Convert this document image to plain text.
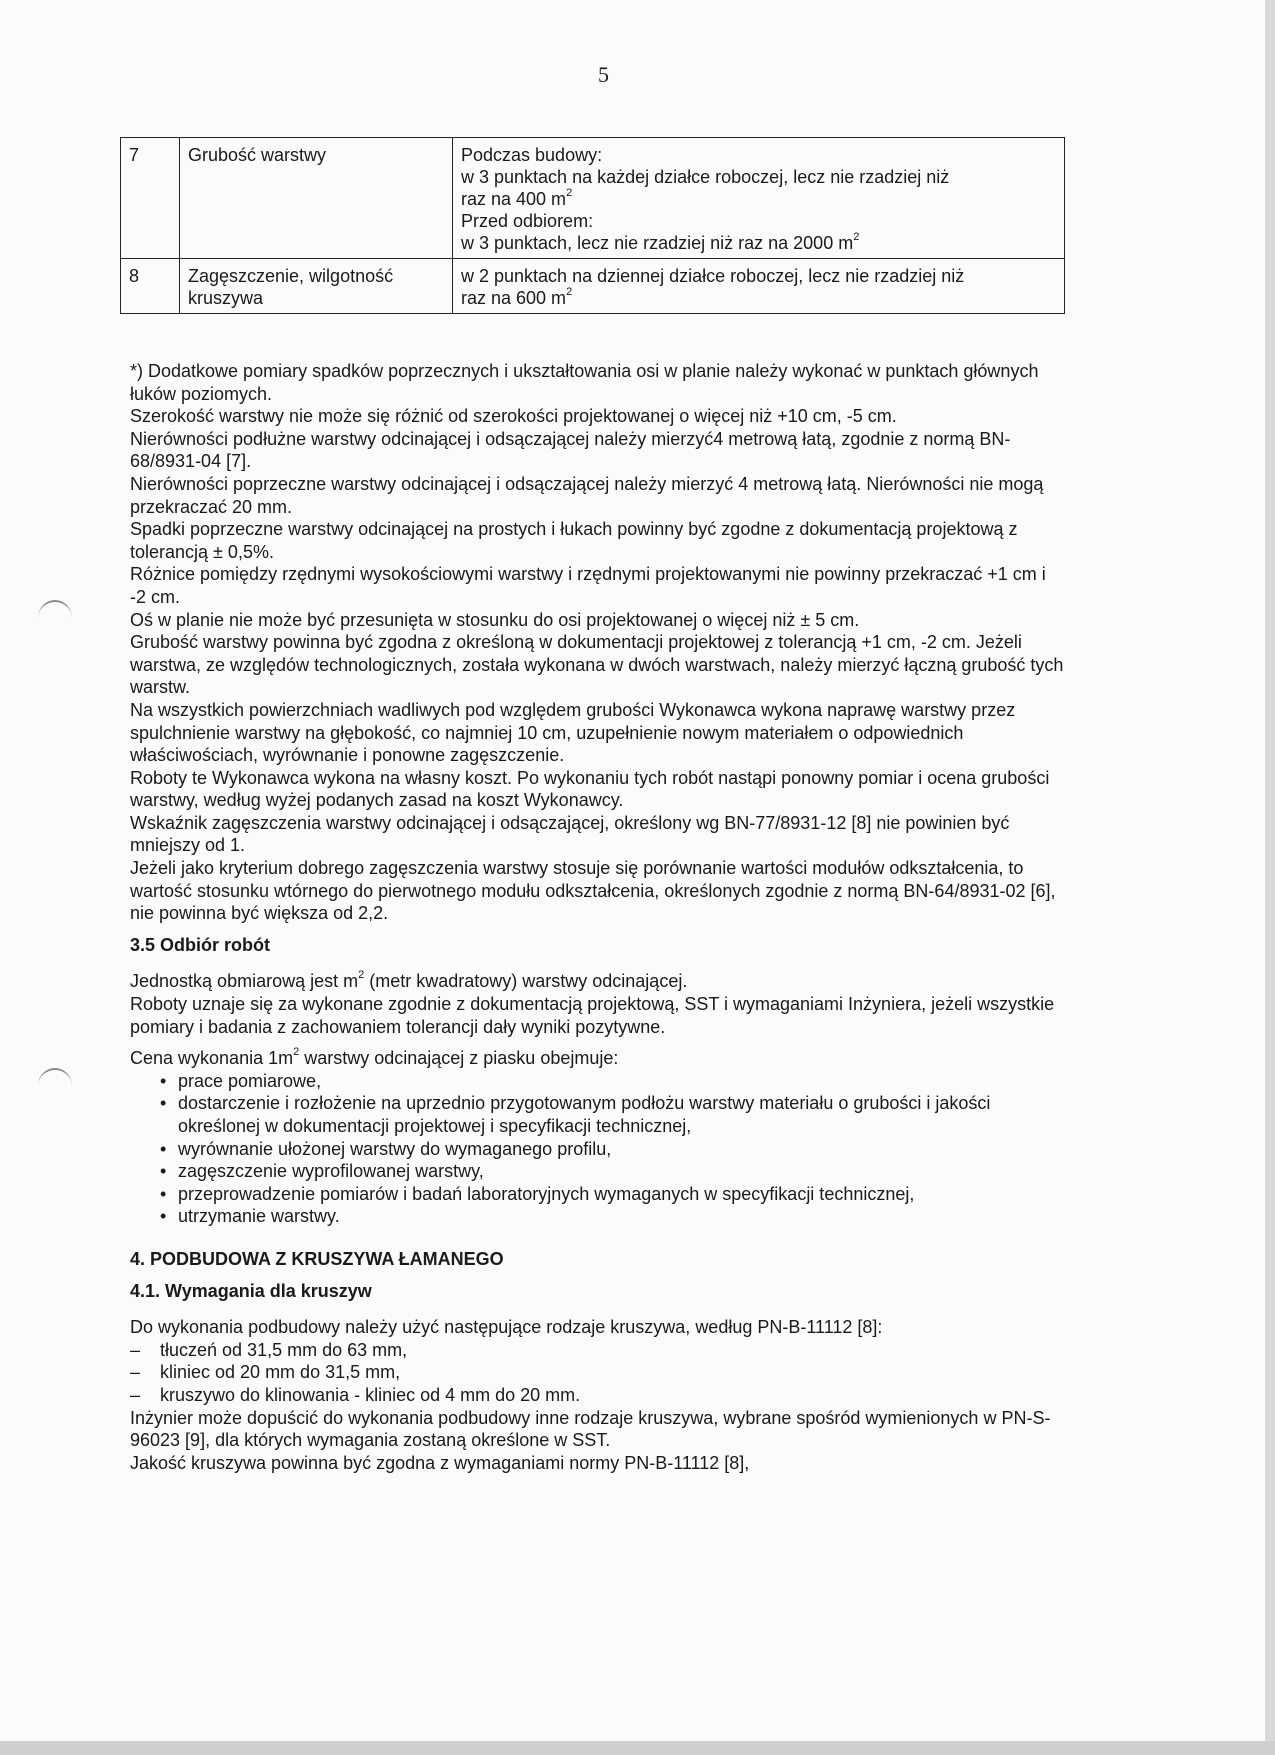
5
7	Grubość warstwy	Podczas budowy:
w 3 punktach na każdej działce roboczej, lecz nie rzadziej niż
raz na 400 $m^2$
Przed odbiorem:
w 3 punktach, lecz nie rzadziej niż raz na 2000 $m^2$

8	Zagęszczenie, wilgotność kruszywa	w 2 punktach na dziennej działce roboczej, lecz nie rzadziej niż
raz na 600 $m^2$

*) Dodatkowe pomiary spadków poprzecznych i ukształtowania osi w planie należy wykonać w punktach głównych łuków poziomych.

Szerokość warstwy nie może się różnić od szerokości projektowanej o więcej niż +10 cm, -5 cm.

Nierówności podłużne warstwy odcinającej i odsączającej należy mierzyć4 metrową łatą, zgodnie z normą BN-68/8931-04 [7].

Nierówności poprzeczne warstwy odcinającej i odsączającej należy mierzyć 4 metrową łatą. Nierówności nie mogą przekraczać 20 mm.

Spadki poprzeczne warstwy odcinającej na prostych i łukach powinny być zgodne z dokumentacją projektową z tolerancją ± 0,5%.

Różnice pomiędzy rzędnymi wysokościowymi warstwy i rzędnymi projektowanymi nie powinny przekraczać +1 cm i -2 cm.

Oś w planie nie może być przesunięta w stosunku do osi projektowanej o więcej niż ± 5 cm.

Grubość warstwy powinna być zgodna z określoną w dokumentacji projektowej z tolerancją +1 cm, -2 cm. Jeżeli warstwa, ze względów technologicznych, została wykonana w dwóch warstwach, należy mierzyć łączną grubość tych warstw.

Na wszystkich powierzchniach wadliwych pod względem grubości Wykonawca wykona naprawę warstwy przez spulchnienie warstwy na głębokość, co najmniej 10 cm, uzupełnienie nowym materiałem o odpowiednich właściwościach, wyrównanie i ponowne zagęszczenie.

Roboty te Wykonawca wykona na własny koszt. Po wykonaniu tych robót nastąpi ponowny pomiar i ocena grubości warstwy, według wyżej podanych zasad na koszt Wykonawcy.

Wskaźnik zagęszczenia warstwy odcinającej i odsączającej, określony wg BN-77/8931-12 [8] nie powinien być mniejszy od 1.

Jeżeli jako kryterium dobrego zagęszczenia warstwy stosuje się porównanie wartości modułów odkształcenia, to wartość stosunku wtórnego do pierwotnego modułu odkształcenia, określonych zgodnie z normą BN-64/8931-02 [6], nie powinna być większa od 2,2.

3.5 Odbiór robót

Jednostką obmiarową jest $m^2$ (metr kwadratowy) warstwy odcinającej.

Roboty uznaje się za wykonane zgodnie z dokumentacją projektową, SST i wymaganiami Inżyniera, jeżeli wszystkie pomiary i badania z zachowaniem tolerancji dały wyniki pozytywne.

Cena wykonania $1m^2$ warstwy odcinającej z piasku obejmuje:

• prace pomiarowe,
• dostarczenie i rozłożenie na uprzednio przygotowanym podłożu warstwy materiału o grubości i jakości określonej w dokumentacji projektowej i specyfikacji technicznej,
• wyrównanie ułożonej warstwy do wymaganego profilu,
• zagęszczenie wyprofilowanej warstwy,
• przeprowadzenie pomiarów i badań laboratoryjnych wymaganych w specyfikacji technicznej,
• utrzymanie warstwy.

4. PODBUDOWA Z KRUSZYWA ŁAMANEGO

4.1. Wymagania dla kruszyw

Do wykonania podbudowy należy użyć następujące rodzaje kruszywa, według PN-B-11112 [8]:

– tłuczeń od 31,5 mm do 63 mm,
– kliniec od 20 mm do 31,5 mm,
– kruszywo do klinowania - kliniec od 4 mm do 20 mm.

Inżynier może dopuścić do wykonania podbudowy inne rodzaje kruszywa, wybrane spośród wymienionych w PN-S-96023 [9], dla których wymagania zostaną określone w SST.

Jakość kruszywa powinna być zgodna z wymaganiami normy PN-B-11112 [8],
